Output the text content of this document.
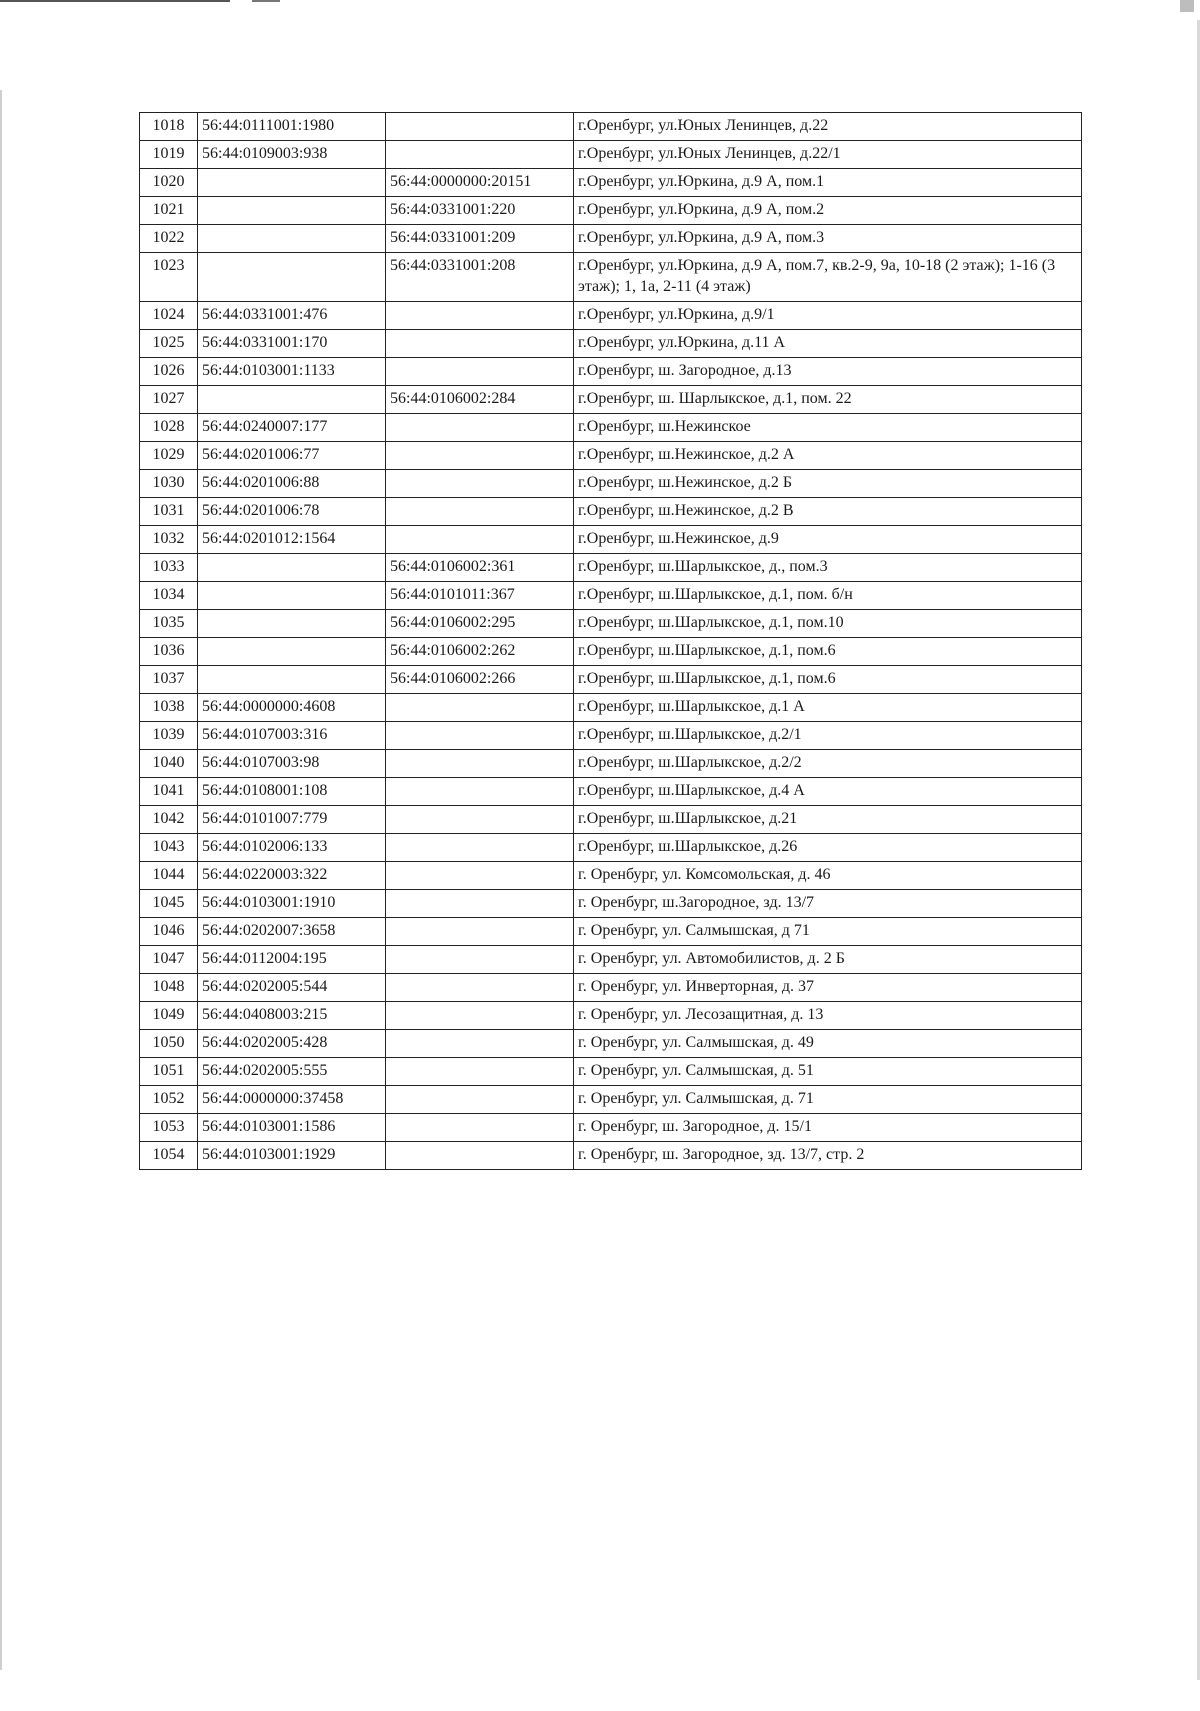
1018	56:44:0111001:1980		г.Оренбург, ул.Юных Ленинцев, д.22
1019	56:44:0109003:938		г.Оренбург, ул.Юных Ленинцев, д.22/1
1020		56:44:0000000:20151	г.Оренбург, ул.Юркина, д.9 А, пом.1
1021		56:44:0331001:220	г.Оренбург, ул.Юркина, д.9 А, пом.2
1022		56:44:0331001:209	г.Оренбург, ул.Юркина, д.9 А, пом.3
1023		56:44:0331001:208	г.Оренбург, ул.Юркина, д.9 А, пом.7, кв.2-9, 9а, 10-18 (2 этаж); 1-16 (3 этаж); 1, 1а, 2-11 (4 этаж)
1024	56:44:0331001:476		г.Оренбург, ул.Юркина, д.9/1
1025	56:44:0331001:170		г.Оренбург, ул.Юркина, д.11 А
1026	56:44:0103001:1133		г.Оренбург, ш. Загородное, д.13
1027		56:44:0106002:284	г.Оренбург, ш. Шарлыкское, д.1, пом. 22
1028	56:44:0240007:177		г.Оренбург, ш.Нежинское
1029	56:44:0201006:77		г.Оренбург, ш.Нежинское, д.2 А
1030	56:44:0201006:88		г.Оренбург, ш.Нежинское, д.2 Б
1031	56:44:0201006:78		г.Оренбург, ш.Нежинское, д.2 В
1032	56:44:0201012:1564		г.Оренбург, ш.Нежинское, д.9
1033		56:44:0106002:361	г.Оренбург, ш.Шарлыкское, д., пом.3
1034		56:44:0101011:367	г.Оренбург, ш.Шарлыкское, д.1, пом. б/н
1035		56:44:0106002:295	г.Оренбург, ш.Шарлыкское, д.1, пом.10
1036		56:44:0106002:262	г.Оренбург, ш.Шарлыкское, д.1, пом.6
1037		56:44:0106002:266	г.Оренбург, ш.Шарлыкское, д.1, пом.6
1038	56:44:0000000:4608		г.Оренбург, ш.Шарлыкское, д.1 А
1039	56:44:0107003:316		г.Оренбург, ш.Шарлыкское, д.2/1
1040	56:44:0107003:98		г.Оренбург, ш.Шарлыкское, д.2/2
1041	56:44:0108001:108		г.Оренбург, ш.Шарлыкское, д.4 А
1042	56:44:0101007:779		г.Оренбург, ш.Шарлыкское, д.21
1043	56:44:0102006:133		г.Оренбург, ш.Шарлыкское, д.26
1044	56:44:0220003:322		г. Оренбург, ул. Комсомольская, д. 46
1045	56:44:0103001:1910		г. Оренбург, ш.Загородное, зд. 13/7
1046	56:44:0202007:3658		г. Оренбург, ул. Салмышская, д 71
1047	56:44:0112004:195		г. Оренбург, ул. Автомобилистов, д. 2 Б
1048	56:44:0202005:544		г. Оренбург, ул. Инверторная, д. 37
1049	56:44:0408003:215		г. Оренбург, ул. Лесозащитная, д. 13
1050	56:44:0202005:428		г. Оренбург, ул. Салмышская, д. 49
1051	56:44:0202005:555		г. Оренбург, ул. Салмышская, д. 51
1052	56:44:0000000:37458		г. Оренбург, ул. Салмышская, д. 71
1053	56:44:0103001:1586		г. Оренбург, ш. Загородное, д. 15/1
1054	56:44:0103001:1929		г. Оренбург, ш. Загородное, зд. 13/7, стр. 2
